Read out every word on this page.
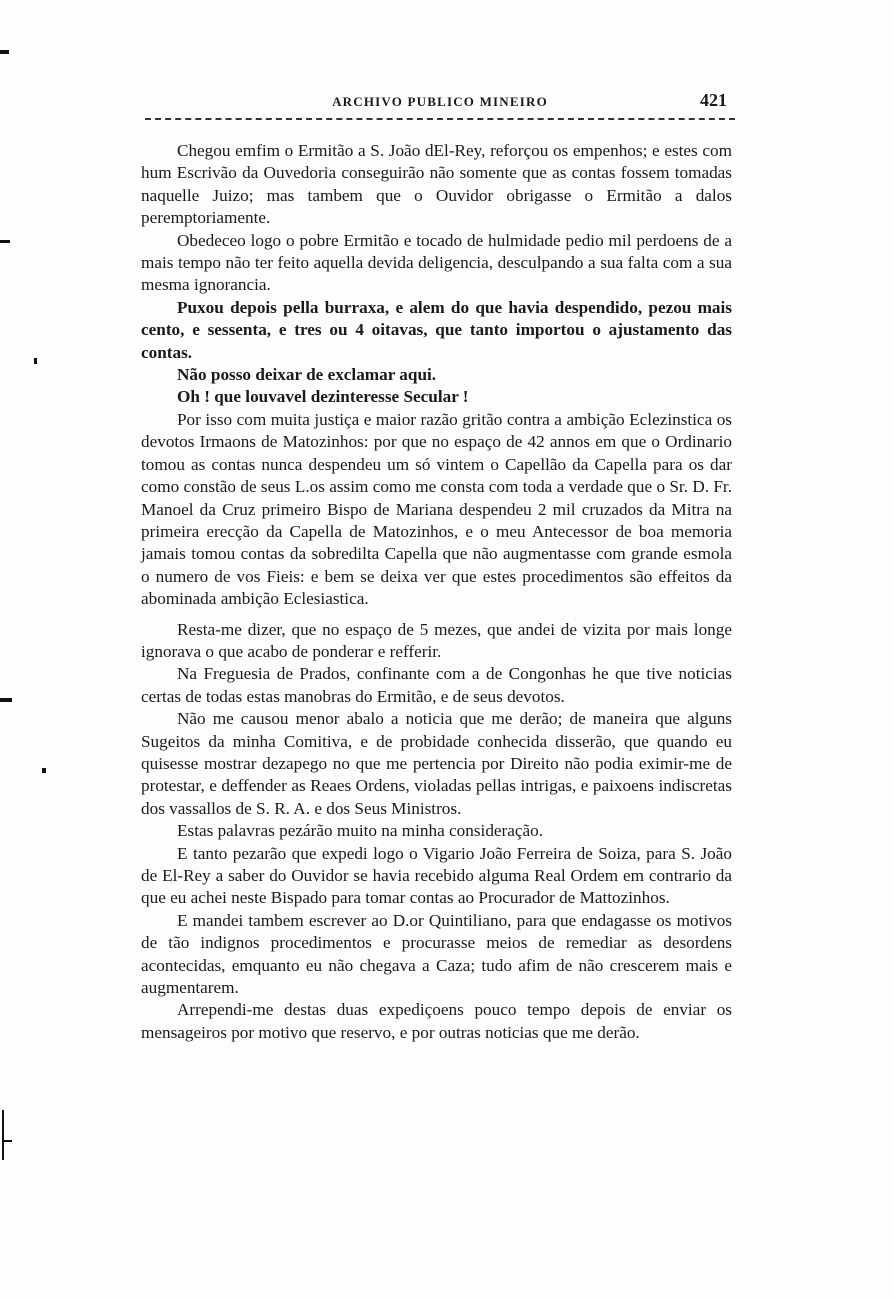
ARCHIVO PUBLICO MINEIRO	421

Chegou emfim o Ermitão a S. João dEl-Rey, reforçou os empenhos; e estes com hum Escrivão da Ouvedoria conseguirão não somente que as contas fossem tomadas naquelle Juizo; mas tambem que o Ouvidor obrigasse o Ermitão a dalos peremptoriamente.

Obedeceo logo o pobre Ermitão e tocado de hulmidade pedio mil perdoens de a mais tempo não ter feito aquella devida deligencia, desculpando a sua falta com a sua mesma ignorancia.

Puxou depois pella burraxa, e alem do que havia despendido, pezou mais cento, e sessenta, e tres ou 4 oitavas, que tanto importou o ajustamento das contas.

Não posso deixar de exclamar aqui.

Oh ! que louvavel dezinteresse Secular !

Por isso com muita justiça e maior razão gritão contra a ambição Eclezinstica os devotos Irmaons de Matozinhos: por que no espaço de 42 annos em que o Ordinario tomou as contas nunca despendeu um só vintem o Capellão da Capella para os dar como constão de seus L.os assim como me consta com toda a verdade que o Sr. D. Fr. Manoel da Cruz primeiro Bispo de Mariana despendeu 2 mil cruzados da Mitra na primeira erecção da Capella de Matozinhos, e o meu Antecessor de boa memoria jamais tomou contas da sobredilta Capella que não augmentasse com grande esmola o numero de vos Fieis: e bem se deixa ver que estes procedimentos são effeitos da abominada ambição Eclesiastica.

Resta-me dizer, que no espaço de 5 mezes, que andei de vizita por mais longe ignorava o que acabo de ponderar e refferir.

Na Freguesia de Prados, confinante com a de Congonhas he que tive noticias certas de todas estas manobras do Ermitão, e de seus devotos.

Não me causou menor abalo a noticia que me derão; de maneira que alguns Sugeitos da minha Comitiva, e de probidade conhecida disserão, que quando eu quisesse mostrar dezapego no que me pertencia por Direito não podia eximir-me de protestar, e deffender as Reaes Ordens, violadas pellas intrigas, e paixoens indiscretas dos vassallos de S. R. A. e dos Seus Ministros.

Estas palavras pezárão muito na minha consideração.

E tanto pezarão que expedi logo o Vigario João Ferreira de Soiza, para S. João de El-Rey a saber do Ouvidor se havia recebido alguma Real Ordem em contrario da que eu achei neste Bispado para tomar contas ao Procurador de Mattozinhos.

E mandei tambem escrever ao D.or Quintiliano, para que endagasse os motivos de tão indignos procedimentos e procurasse meios de remediar as desordens acontecidas, emquanto eu não chegava a Caza; tudo afim de não crescerem mais e augmentarem.

Arrependi-me destas duas expediçoens pouco tempo depois de enviar os mensageiros por motivo que reservo, e por outras noticias que me derão.
